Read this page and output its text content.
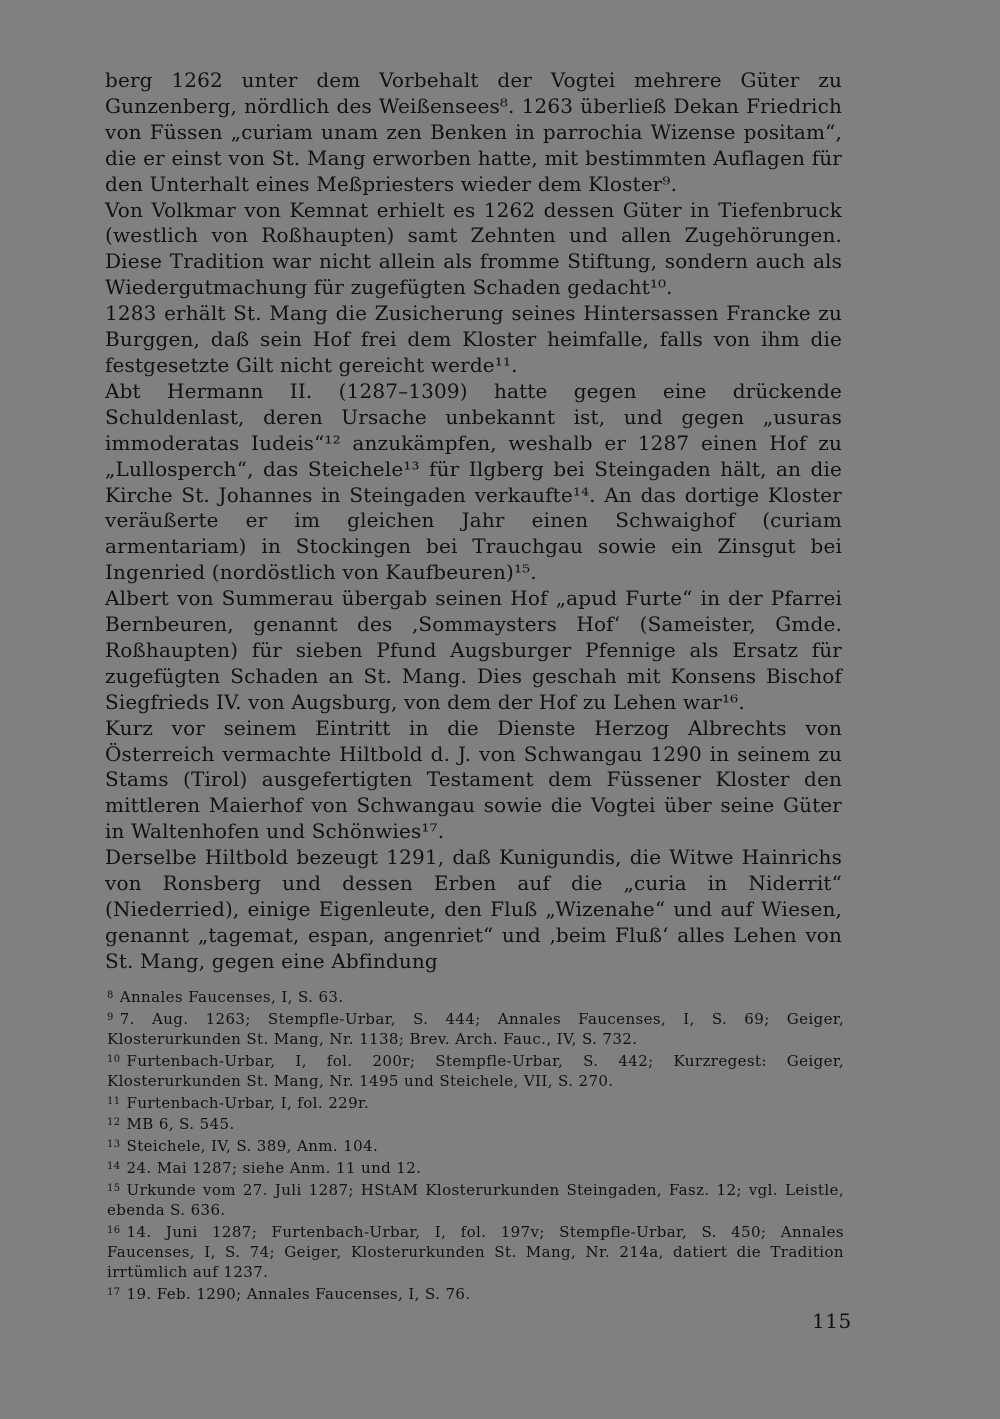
berg 1262 unter dem Vorbehalt der Vogtei mehrere Güter zu Gunzenberg, nördlich des Weißensees⁸. 1263 überließ Dekan Friedrich von Füssen „curiam unam zen Benken in parrochia Wizense positam“, die er einst von St. Mang erworben hatte, mit bestimmten Auflagen für den Unterhalt eines Meßpriesters wieder dem Kloster⁹.

Von Volkmar von Kemnat erhielt es 1262 dessen Güter in Tiefenbruck (westlich von Roßhaupten) samt Zehnten und allen Zugehörungen. Diese Tradition war nicht allein als fromme Stiftung, sondern auch als Wiedergutmachung für zugefügten Schaden gedacht¹⁰.

1283 erhält St. Mang die Zusicherung seines Hintersassen Francke zu Burggen, daß sein Hof frei dem Kloster heimfalle, falls von ihm die festgesetzte Gilt nicht gereicht werde¹¹.

Abt Hermann II. (1287–1309) hatte gegen eine drückende Schuldenlast, deren Ursache unbekannt ist, und gegen „usuras immoderatas Iudeis“¹² anzukämpfen, weshalb er 1287 einen Hof zu „Lullosperch“, das Steichele¹³ für Ilgberg bei Steingaden hält, an die Kirche St. Johannes in Steingaden verkaufte¹⁴. An das dortige Kloster veräußerte er im gleichen Jahr einen Schwaighof (curiam armentariam) in Stockingen bei Trauchgau sowie ein Zinsgut bei Ingenried (nordöstlich von Kaufbeuren)¹⁵.

Albert von Summerau übergab seinen Hof „apud Furte“ in der Pfarrei Bernbeuren, genannt des ‚Sommaysters Hof‘ (Sameister, Gmde. Roßhaupten) für sieben Pfund Augsburger Pfennige als Ersatz für zugefügten Schaden an St. Mang. Dies geschah mit Konsens Bischof Siegfrieds IV. von Augsburg, von dem der Hof zu Lehen war¹⁶.

Kurz vor seinem Eintritt in die Dienste Herzog Albrechts von Österreich vermachte Hiltbold d. J. von Schwangau 1290 in seinem zu Stams (Tirol) ausgefertigten Testament dem Füssener Kloster den mittleren Maierhof von Schwangau sowie die Vogtei über seine Güter in Waltenhofen und Schönwies¹⁷.

Derselbe Hiltbold bezeugt 1291, daß Kunigundis, die Witwe Hainrichs von Ronsberg und dessen Erben auf die „curia in Niderrit“ (Niederried), einige Eigenleute, den Fluß „Wizenahe“ und auf Wiesen, genannt „tagemat, espan, angenriet“ und ‚beim Fluß‘ alles Lehen von St. Mang, gegen eine Abfindung

$^8$ Annales Faucenses, I, S. 63.

$^9$ 7. Aug. 1263; Stempfle-Urbar, S. 444; Annales Faucenses, I, S. 69; Geiger, Klosterurkunden St. Mang, Nr. 1138; Brev. Arch. Fauc., IV, S. 732.

$^{10}$ Furtenbach-Urbar, I, fol. 200r; Stempfle-Urbar, S. 442; Kurzregest: Geiger, Klosterurkunden St. Mang, Nr. 1495 und Steichele, VII, S. 270.

$^{11}$ Furtenbach-Urbar, I, fol. 229r.

$^{12}$ MB 6, S. 545.

$^{13}$ Steichele, IV, S. 389, Anm. 104.

$^{14}$ 24. Mai 1287; siehe Anm. 11 und 12.

$^{15}$ Urkunde vom 27. Juli 1287; HStAM Klosterurkunden Steingaden, Fasz. 12; vgl. Leistle, ebenda S. 636.

$^{16}$ 14. Juni 1287; Furtenbach-Urbar, I, fol. 197v; Stempfle-Urbar, S. 450; Annales Faucenses, I, S. 74; Geiger, Klosterurkunden St. Mang, Nr. 214a, datiert die Tradition irrtümlich auf 1237.

$^{17}$ 19. Feb. 1290; Annales Faucenses, I, S. 76.

115
